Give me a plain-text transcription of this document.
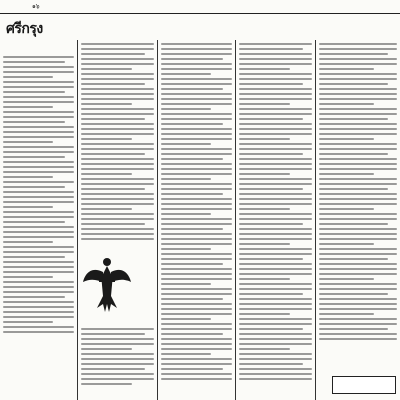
๑๖
ศรีกรุง
